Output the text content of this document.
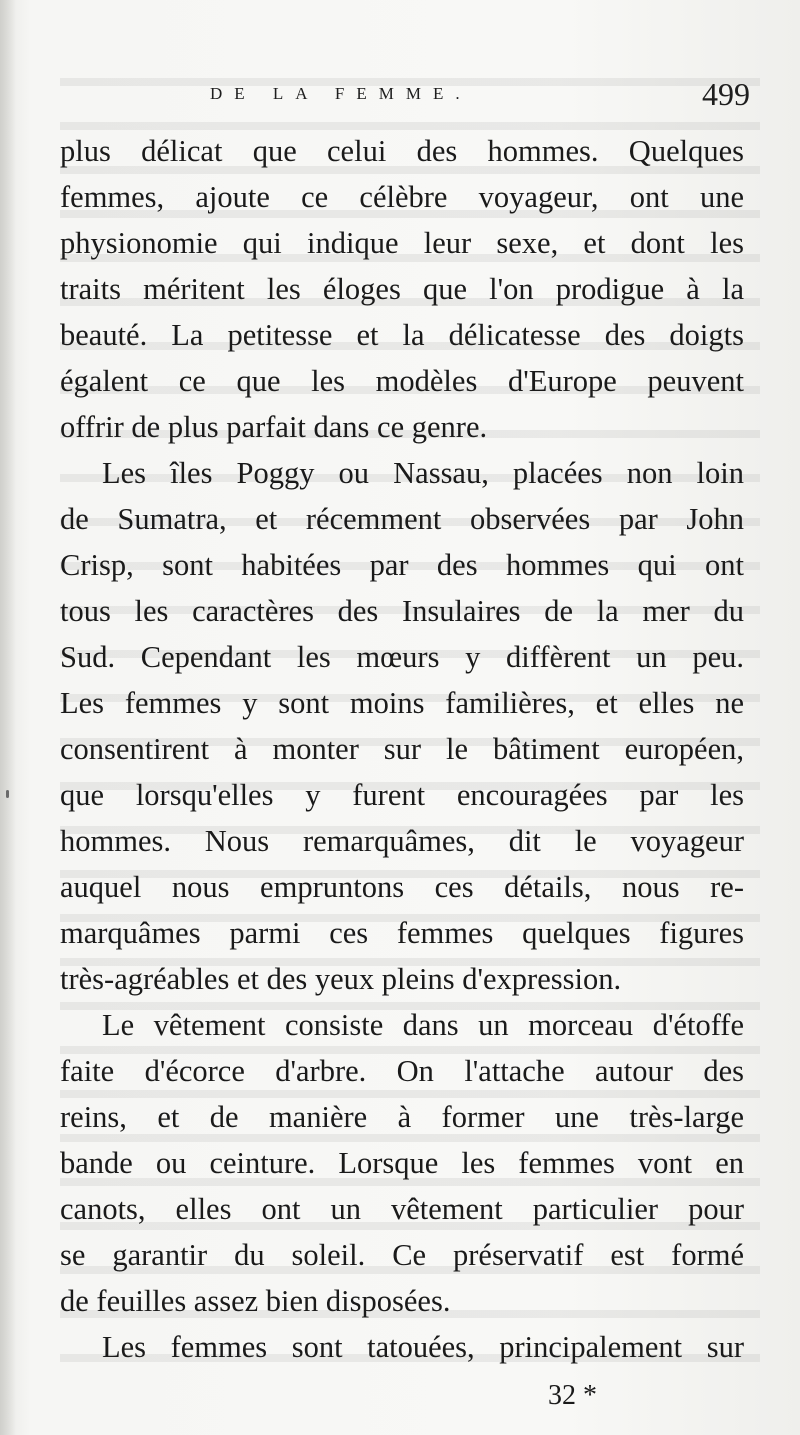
DE LA FEMME.	499

plus délicat que celui des hommes. Quelques
femmes, ajoute ce célèbre voyageur, ont une
physionomie qui indique leur sexe, et dont les
traits méritent les éloges que l'on prodigue à la
beauté. La petitesse et la délicatesse des doigts
égalent ce que les modèles d'Europe peuvent
offrir de plus parfait dans ce genre.

Les îles Poggy ou Nassau, placées non loin
de Sumatra, et récemment observées par John
Crisp, sont habitées par des hommes qui ont
tous les caractères des Insulaires de la mer du
Sud. Cependant les mœurs y diffèrent un peu.
Les femmes y sont moins familières, et elles ne
consentirent à monter sur le bâtiment européen,
que lorsqu'elles y furent encouragées par les
hommes. Nous remarquâmes, dit le voyageur
auquel nous empruntons ces détails, nous re-
marquâmes parmi ces femmes quelques figures
très-agréables et des yeux pleins d'expression.

Le vêtement consiste dans un morceau d'étoffe
faite d'écorce d'arbre. On l'attache autour des
reins, et de manière à former une très-large
bande ou ceinture. Lorsque les femmes vont en
canots, elles ont un vêtement particulier pour
se garantir du soleil. Ce préservatif est formé
de feuilles assez bien disposées.

Les femmes sont tatouées, principalement sur

32 *
